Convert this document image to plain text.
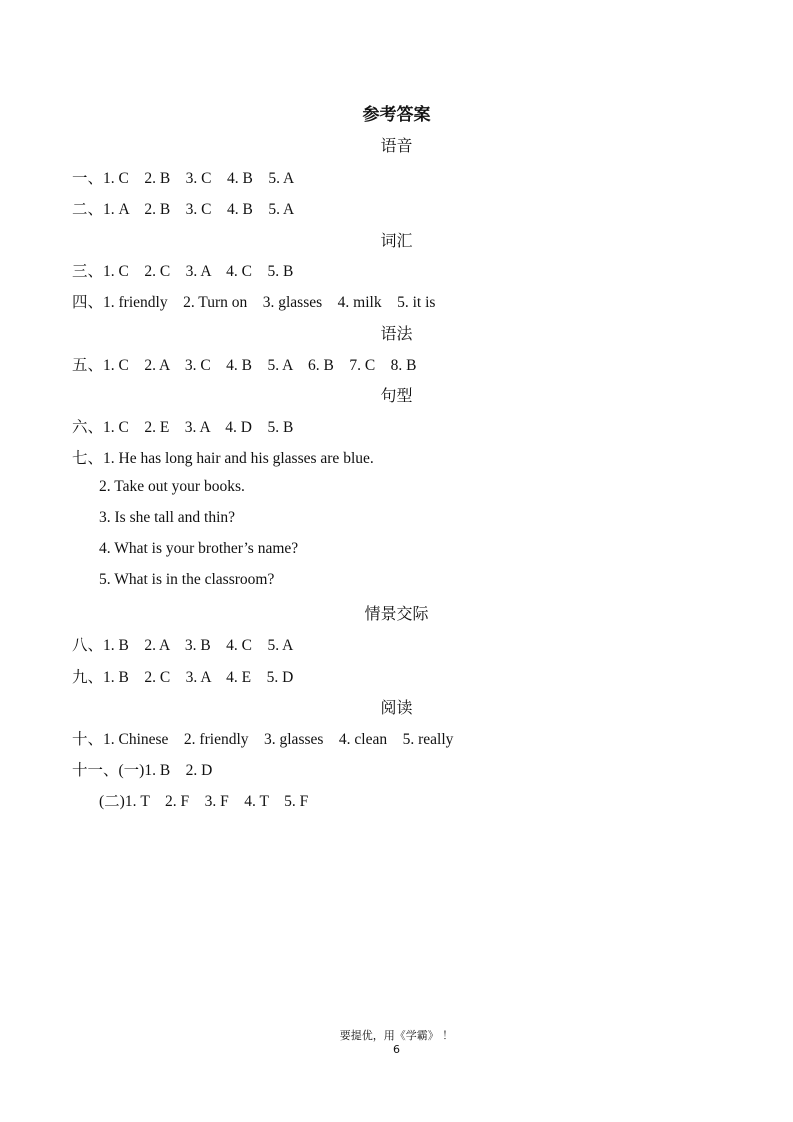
参考答案
语音
一、1. C    2. B    3. C    4. B    5. A
二、1. A    2. B    3. C    4. B    5. A
词汇
三、1. C    2. C    3. A    4. C    5. B
四、1. friendly    2. Turn on    3. glasses    4. milk    5. it is
语法
五、1. C    2. A    3. C    4. B    5. A    6. B    7. C    8. B
句型
六、1. C    2. E    3. A    4. D    5. B
七、1. He has long hair and his glasses are blue.
2. Take out your books.
3. Is she tall and thin?
4. What is your brother’s name?
5. What is in the classroom?
情景交际
八、1. B    2. A    3. B    4. C    5. A
九、1. B    2. C    3. A    4. E    5. D
阅读
十、1. Chinese    2. friendly    3. glasses    4. clean    5. really
十一、(一)1. B    2. D
(二)1. T    2. F    3. F    4. T    5. F
要提优，用《学霸》 ！
6
